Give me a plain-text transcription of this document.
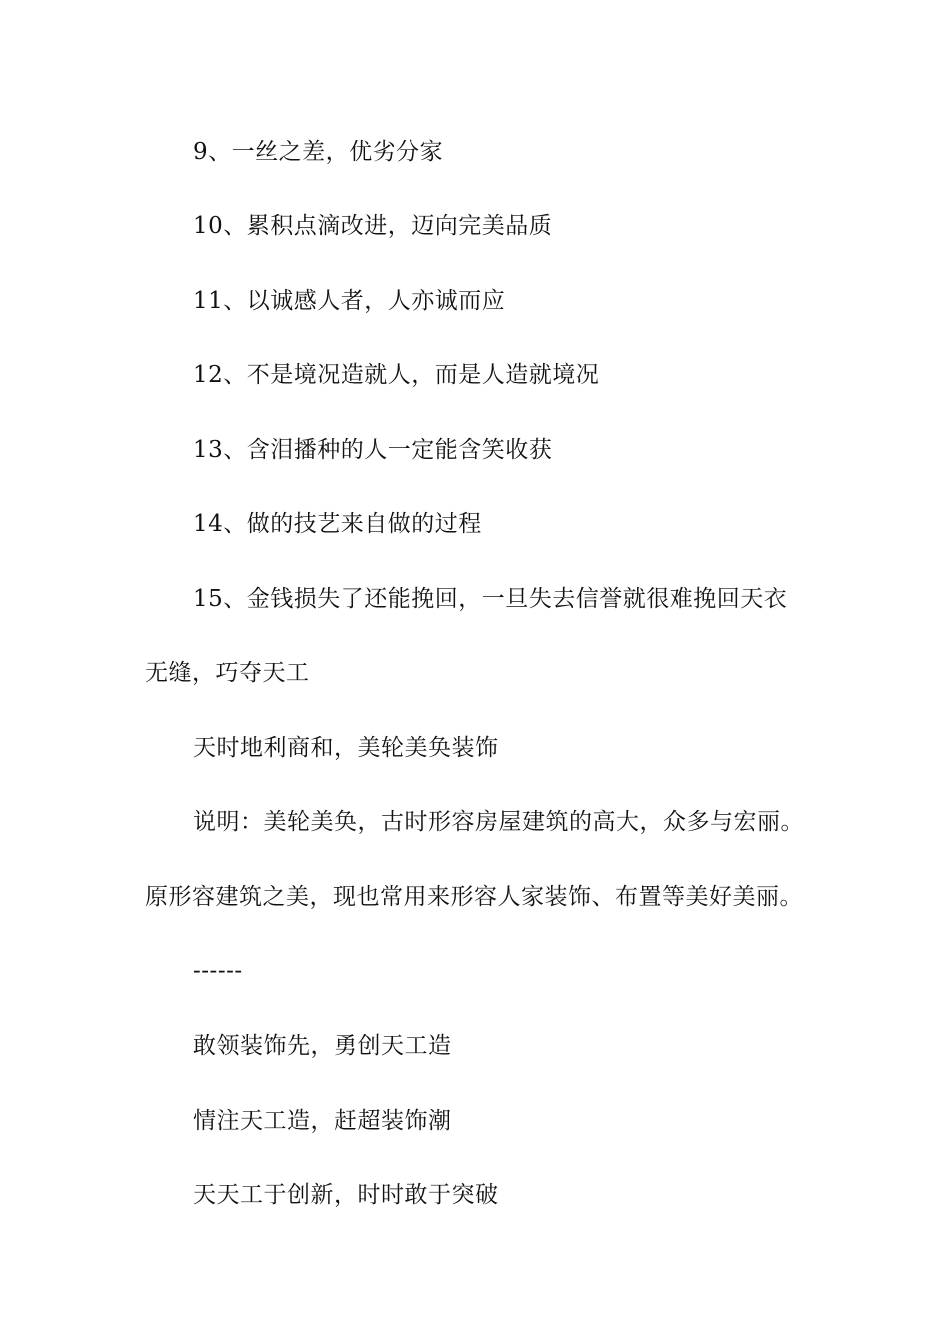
9、一丝之差，优劣分家
10、累积点滴改进，迈向完美品质
11、以诚感人者，人亦诚而应
12、不是境况造就人，而是人造就境况
13、含泪播种的人一定能含笑收获
14、做的技艺来自做的过程
15、金钱损失了还能挽回，一旦失去信誉就很难挽回天衣
无缝，巧夺天工
天时地利商和，美轮美奂装饰
说明：美轮美奂，古时形容房屋建筑的高大，众多与宏丽。
原形容建筑之美，现也常用来形容人家装饰、布置等美好美丽。
------
敢领装饰先，勇创天工造
情注天工造，赶超装饰潮
天天工于创新，时时敢于突破
